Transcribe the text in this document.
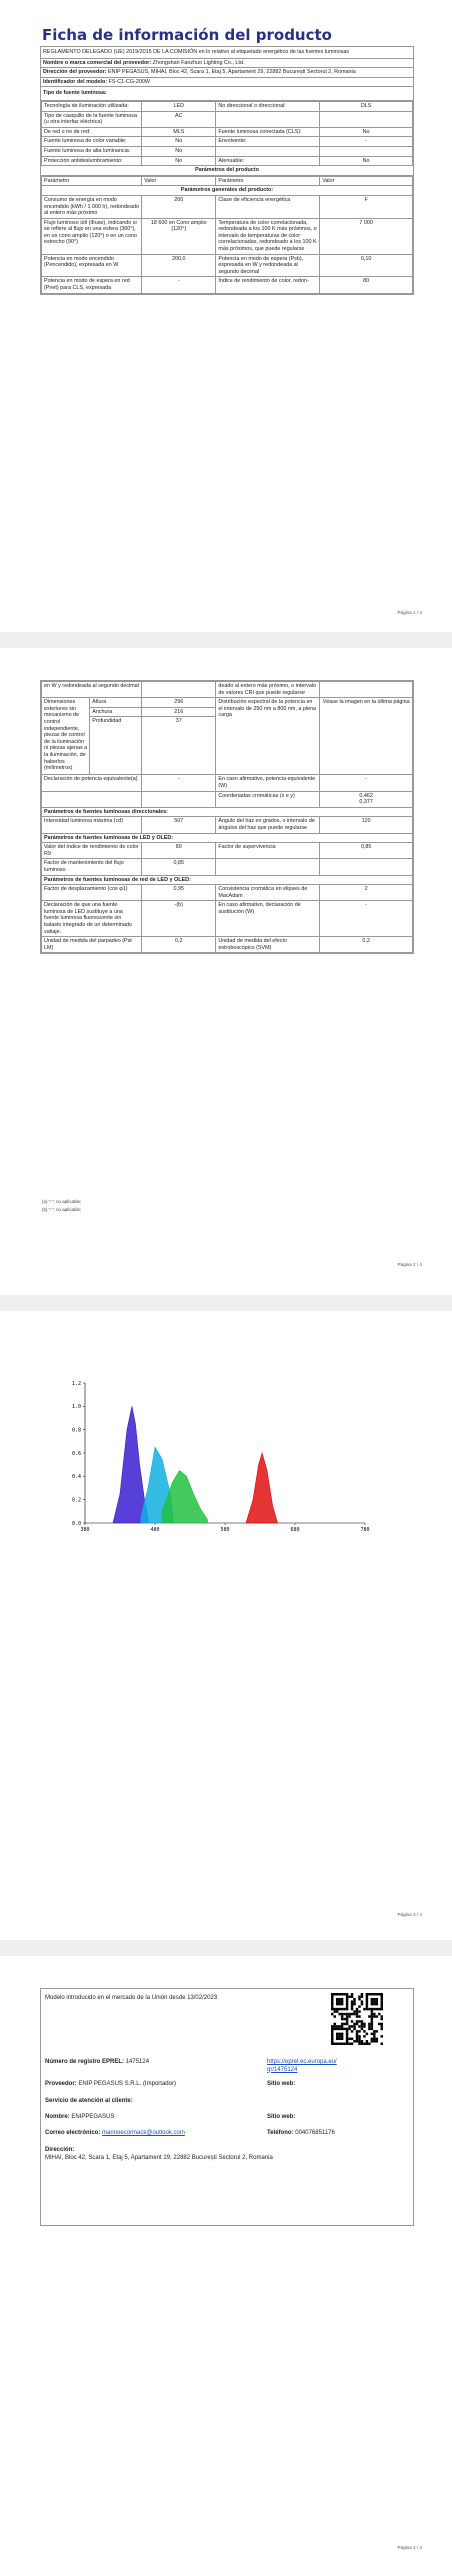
Ficha de información del producto
REGLAMENTO DELEGADO (UE) 2019/2015 DE LA COMISIÓN en lo relativo al etiquetado energético de las fuentes luminosas
Nombre o marca comercial del proveedor: Zhongshan Fanzhuo Lighting Co., Ltd.
Dirección del proveedor: ENIP PEGASUS, MIHAI, Bloc 42, Scara 1, Etaj 5, Apartament 29, 22882 București Sectorul 2, Romania
Identificador del modelo: FS-C1-CG-200W
Tipo de fuente luminosa:
Tecnología de iluminación utilizada:	LED	No direccional o direccional:	DLS
Tipo de casquillo de la fuente luminosa (u otra interfaz eléctrica)	AC		
De red o no de red:	MLS	Fuente luminosa conectada (CLS):	No
Fuente luminosa de color variable:	No	Envolvente:	-
Fuente luminosa de alta luminancia:	No		
Protección antideslumbramiento:	No	Atenuable:	No
Parámetros del producto
Parámetro	Valor	Parámetro	Valor
Parámetros generales del producto:			
Consumo de energía en modo encendido (kWh / 1 000 h), redondeado al entero más próximo	200	Clase de eficiencia energética	F
Flujo luminoso útil (Φuse), indicando si se refiere al flujo en una esfera (360°), en un cono amplio (120°) o en un cono estrecho (90°)	18 600 en Cono amplio (120°)	Temperatura de color correlacionada, redondeada a los 100 K más próximos, o intervalo de temperaturas de color correlacionadas, redondeado a los 100 K más próximos, que puede regularse	7 000
Potencia en modo encendido (Pencendido), expresada en W	200,0	Potencia en modo de espera (Psb), expresada en W y redondeada al segundo decimal	0,10
Potencia en modo de espera en red (Pnet) para CLS, expresada	-	Índice de rendimiento de color, redon-	80
Página 1 / 4
en W y redondeada al segundo decimal			deado al entero más próximo, o intervalo de valores CRI que puede regularse	
Dimensiones exteriores sin mecanismo de control independiente, piezas de control de la iluminación ni piezas ajenas a la iluminación, de haberlos (milímetros)	Altura	296	Distribución espectral de la potencia en el intervalo de 250 nm a 800 nm, a plena carga	Véase la imagen en la última página
	Anchura	216		
	Profundidad	37		
Declaración de potencia equivalente(a)		-	En caso afirmativo, potencia equivalente (W)	-
			Coordenadas cromáticas (x e y)	0,462
0,377
Parámetros de fuentes luminosas direccionales:				
Intensidad luminosa máxima (cd)		507	Ángulo del haz en grados, o intervalo de ángulos del haz que puede regularse	120
Parámetros de fuentes luminosas de LED y OLED:				
Valor del índice de rendimiento de color R9		80	Factor de supervivencia	0,85
Factor de mantenimiento del flujo luminoso		0,85		
Parámetros de fuentes luminosas de red de LED y OLED:				
Factor de desplazamiento (cos φ1)		0,95	Consistencia cromática en elipses de MacAdam	2
Declaración de que una fuente luminosa de LED sustituye a una fuente luminosa fluorescente sin balasto integrado de un determinado vatiaje.		-(b)	En caso afirmativo, declaración de sustitución (W)	-
Unidad de medida del parpadeo (Pst LM)		0,2	Unidad de medida del efecto estroboscópico (SVM)	0,2
(a) "-": no aplicable;
(b) "-": no aplicable;
Página 2 / 4
Página 3 / 4
0.0
0.2
0.4
0.6
0.8
1.0
1.2
380	480	580	680	780
Modelo introducido en el mercado de la Unión desde 13/02/2023
Número de registro EPREL: 1475124	https://eprel.ec.europa.eu/qr/1475124
Proveedor: ENIP PEGASUS S.R.L. (Importador)	Sitio web:
Servicio de atención al cliente:
Nombre: ENIPPEGASUS	Sitio web:
Correo electrónico: marinoecormack@outlook.com	Teléfono: 004076851176
Dirección:
MIHAI, Bloc 42, Scara 1, Etaj 5, Apartament 29, 22882 București Sectorul 2, Romania
Página 4 / 4
